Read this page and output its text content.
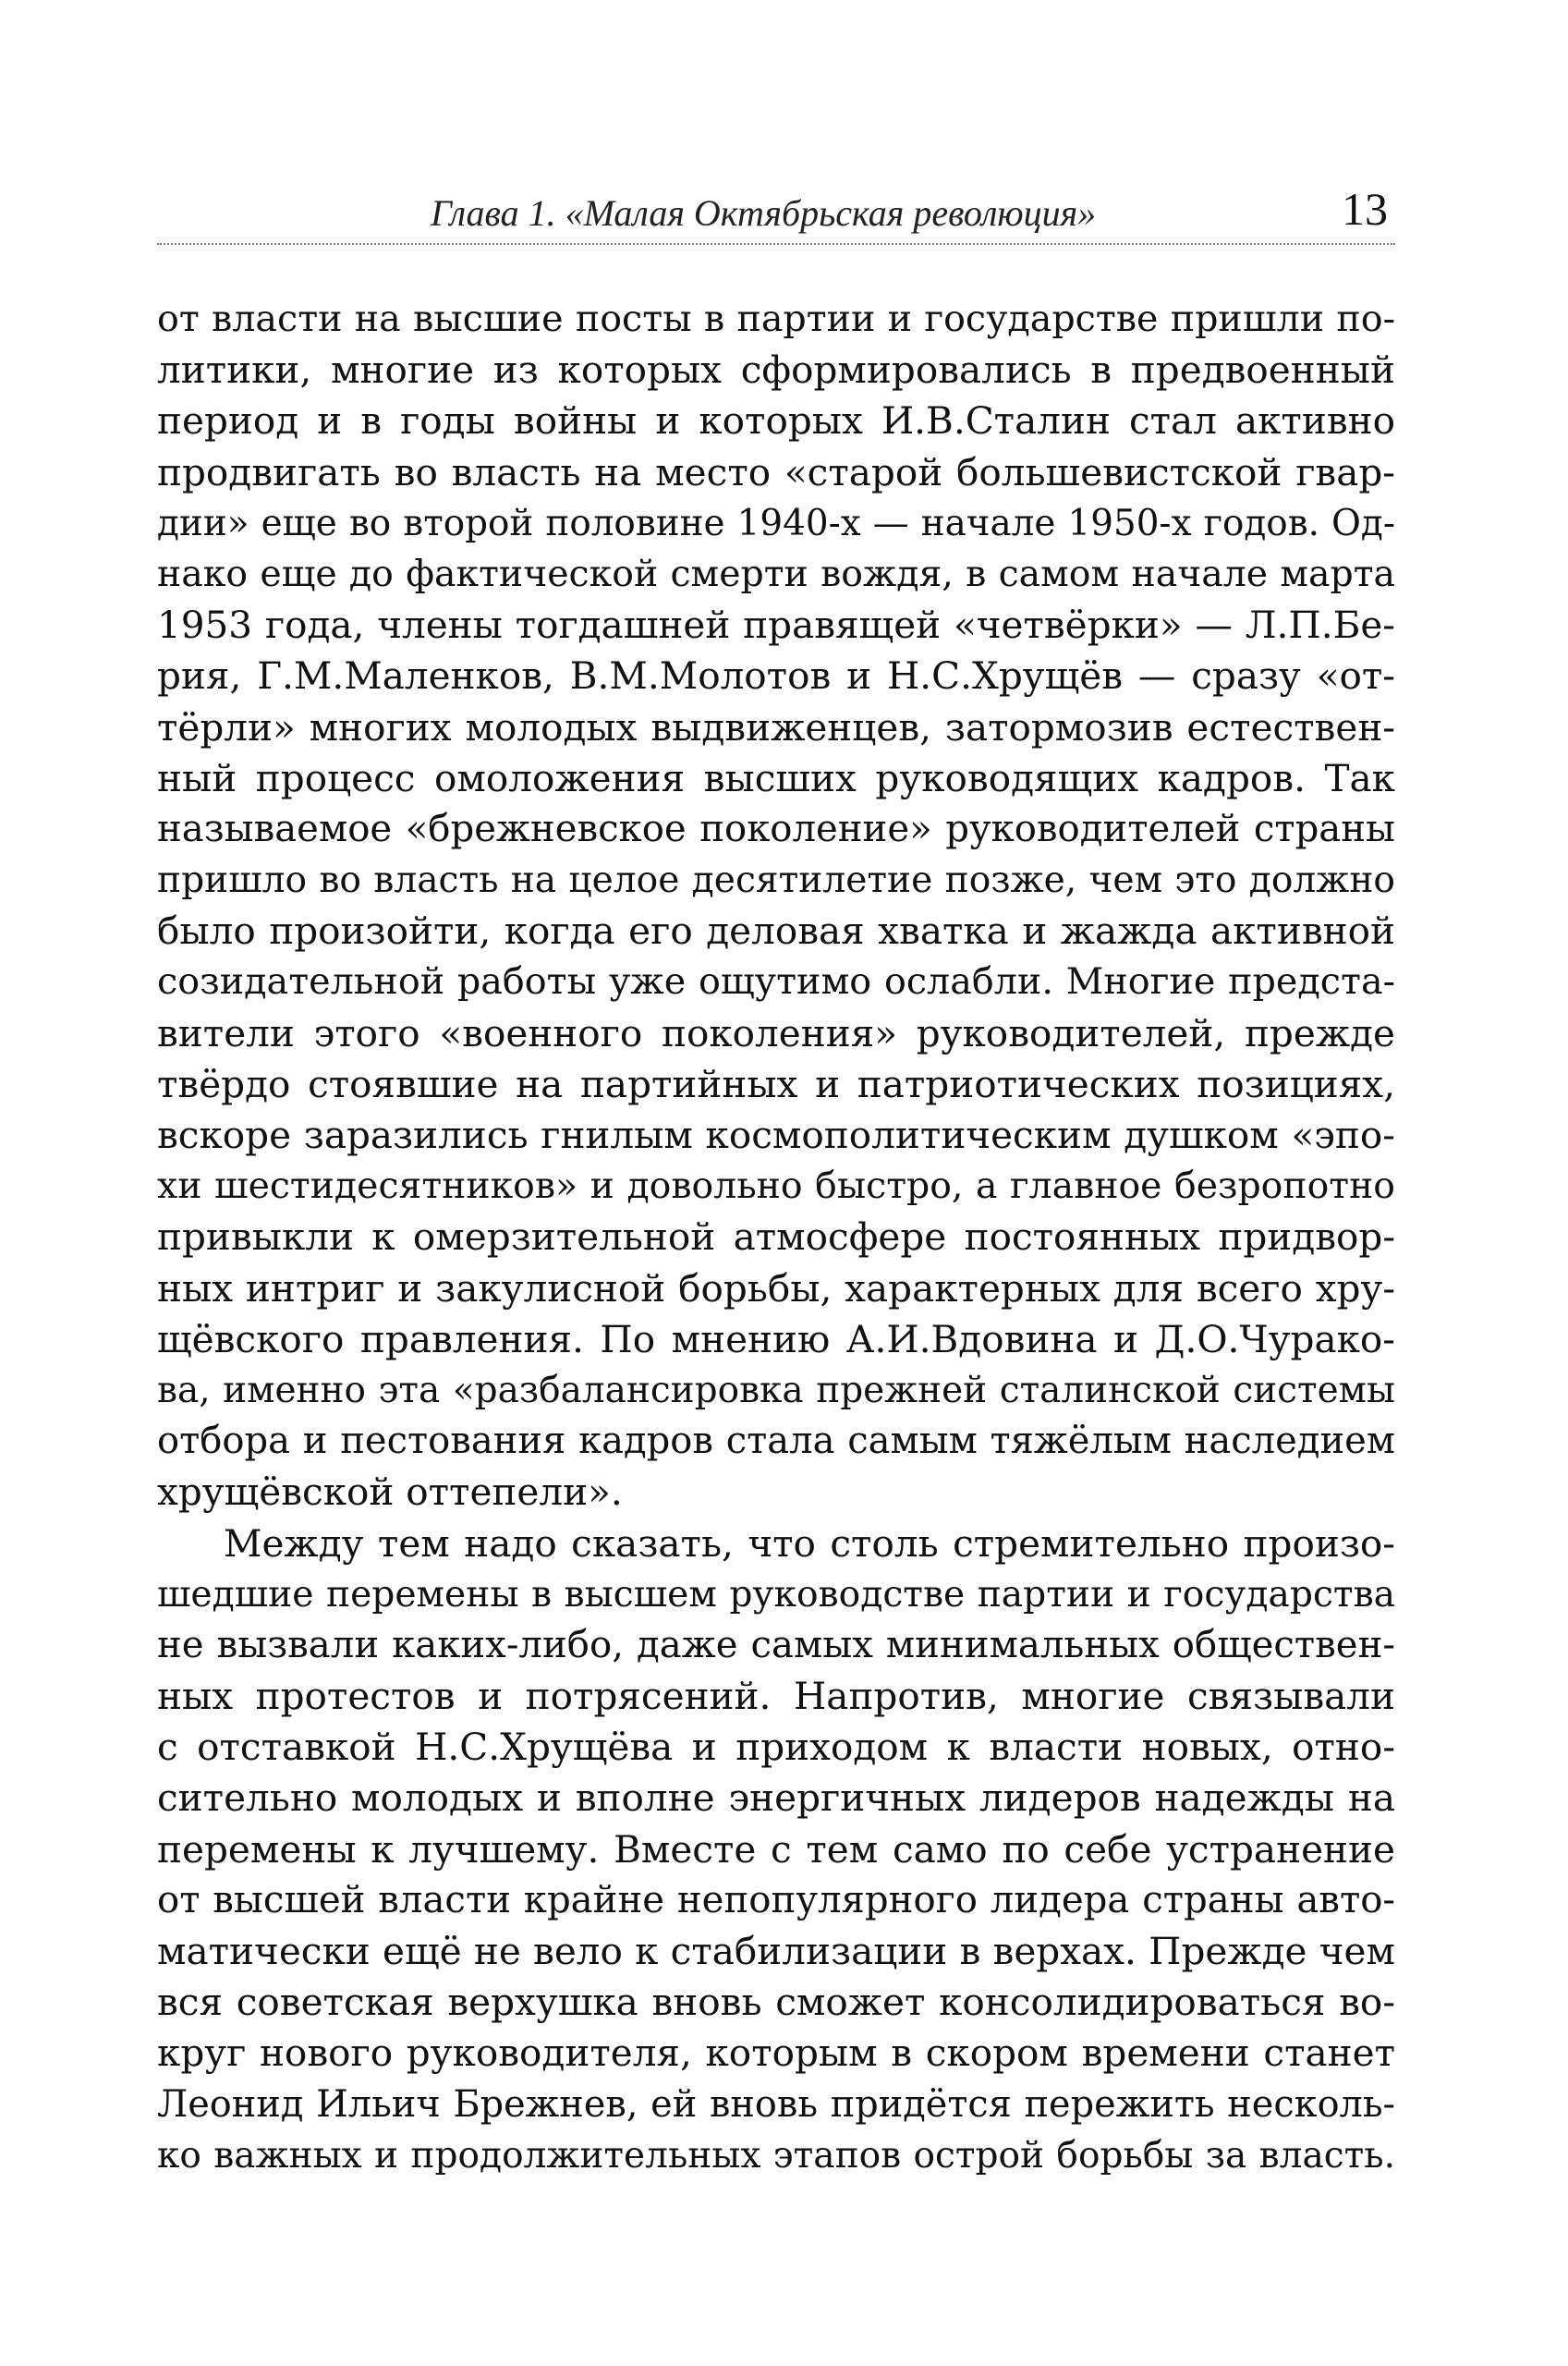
Глава 1. «Малая Октябрьская революция»	13
от власти на высшие посты в партии и государстве пришли по-
литики, многие из которых сформировались в предвоенный
период и в годы войны и которых И.В.Сталин стал активно
продвигать во власть на место «старой большевистской гвар-
дии» еще во второй половине 1940-х — начале 1950-х годов. Од-
нако еще до фактической смерти вождя, в самом начале марта
1953 года, члены тогдашней правящей «четвёрки» — Л.П.Бе-
рия, Г.М.Маленков, В.М.Молотов и Н.С.Хрущёв — сразу «от-
тёрли» многих молодых выдвиженцев, затормозив естествен-
ный процесс омоложения высших руководящих кадров. Так
называемое «брежневское поколение» руководителей страны
пришло во власть на целое десятилетие позже, чем это должно
было произойти, когда его деловая хватка и жажда активной
созидательной работы уже ощутимо ослабли. Многие предста-
вители этого «военного поколения» руководителей, прежде
твёрдо стоявшие на партийных и патриотических позициях,
вскоре заразились гнилым космополитическим душком «эпо-
хи шестидесятников» и довольно быстро, а главное безропотно
привыкли к омерзительной атмосфере постоянных придвор-
ных интриг и закулисной борьбы, характерных для всего хру-
щёвского правления. По мнению А.И.Вдовина и Д.О.Чурако-
ва, именно эта «разбалансировка прежней сталинской системы
отбора и пестования кадров стала самым тяжёлым наследием
хрущёвской оттепели».
Между тем надо сказать, что столь стремительно произо-
шедшие перемены в высшем руководстве партии и государства
не вызвали каких-либо, даже самых минимальных обществен-
ных протестов и потрясений. Напротив, многие связывали
с отставкой Н.С.Хрущёва и приходом к власти новых, отно-
сительно молодых и вполне энергичных лидеров надежды на
перемены к лучшему. Вместе с тем само по себе устранение
от высшей власти крайне непопулярного лидера страны авто-
матически ещё не вело к стабилизации в верхах. Прежде чем
вся советская верхушка вновь сможет консолидироваться во-
круг нового руководителя, которым в скором времени станет
Леонид Ильич Брежнев, ей вновь придётся пережить несколь-
ко важных и продолжительных этапов острой борьбы за власть.
